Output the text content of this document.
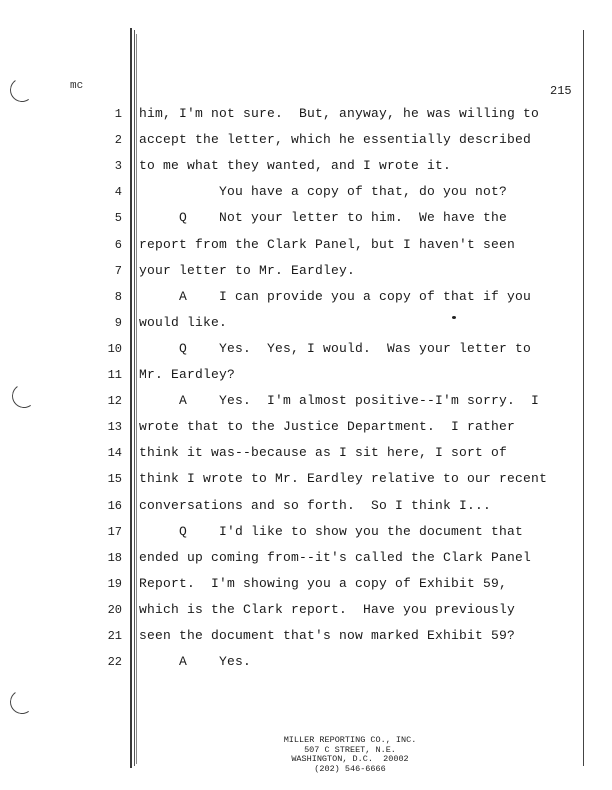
mc	215
1 him, I'm not sure.  But, anyway, he was willing to
2 accept the letter, which he essentially described
3 to me what they wanted, and I wrote it.
4 You have a copy of that, do you not?
5 Q    Not your letter to him.  We have the
6 report from the Clark Panel, but I haven't seen
7 your letter to Mr. Eardley.
8 A    I can provide you a copy of that if you
9 would like.
10 Q    Yes.  Yes, I would.  Was your letter to
11 Mr. Eardley?
12 A    Yes.  I'm almost positive--I'm sorry.  I
13 wrote that to the Justice Department.  I rather
14 think it was--because as I sit here, I sort of
15 think I wrote to Mr. Eardley relative to our recent
16 conversations and so forth.  So I think I...
17 Q    I'd like to show you the document that
18 ended up coming from--it's called the Clark Panel
19 Report.  I'm showing you a copy of Exhibit 59,
20 which is the Clark report.  Have you previously
21 seen the document that's now marked Exhibit 59?
22 A    Yes.
MILLER REPORTING CO., INC.
507 C STREET, N.E.
WASHINGTON, D.C.  20002
(202) 546-6666
